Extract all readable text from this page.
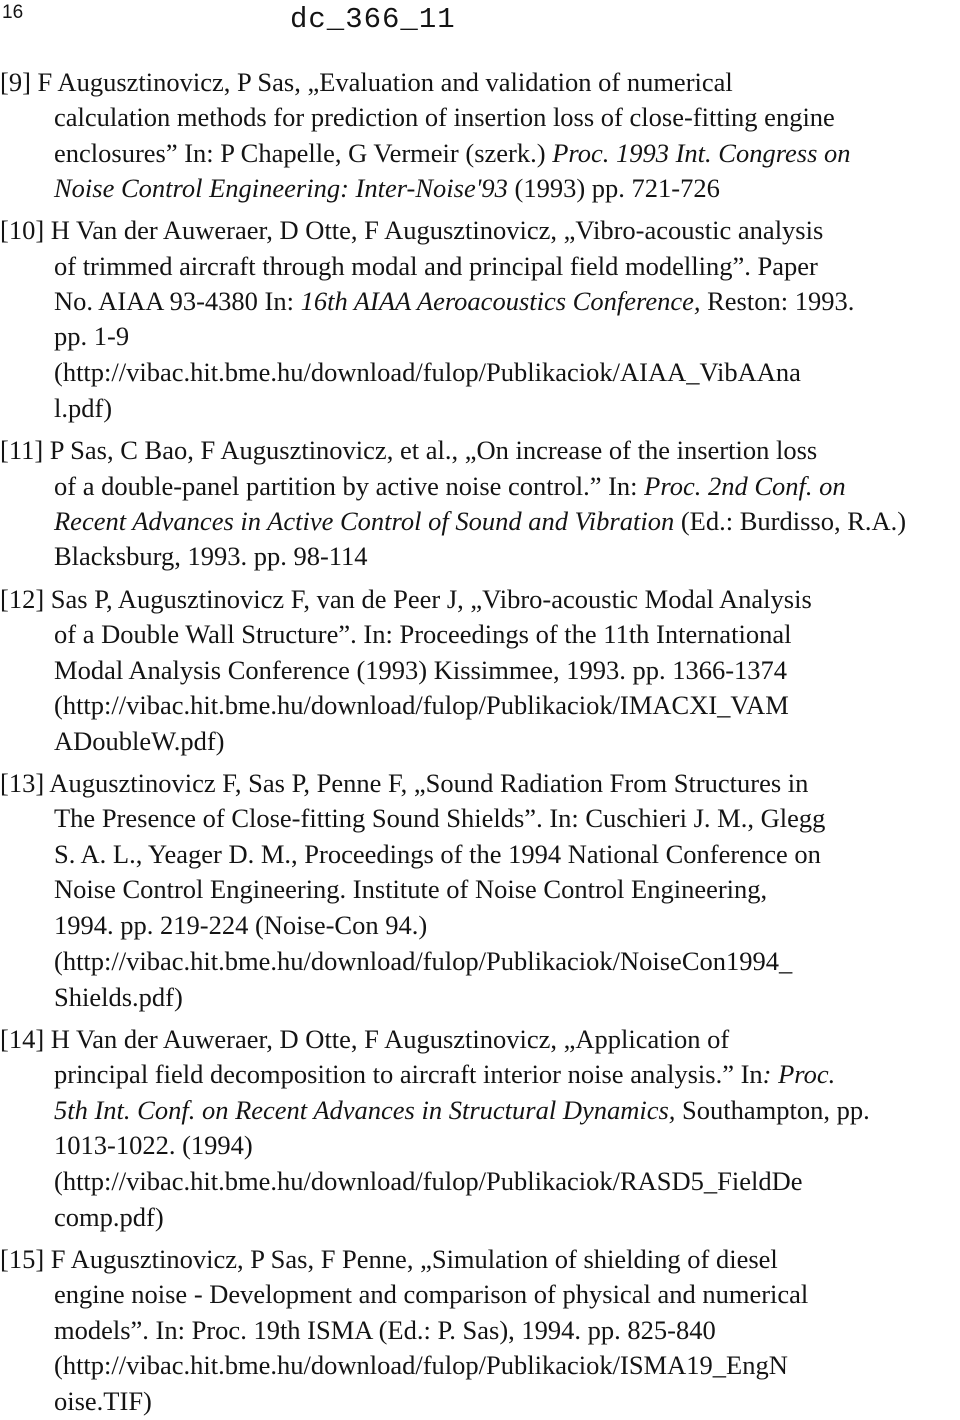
16	dc_366_11
[9] F Augusztinovicz, P Sas, „Evaluation and validation of numerical
calculation methods for prediction of insertion loss of close-fitting engine
enclosures” In: P Chapelle, G Vermeir (szerk.) Proc. 1993 Int. Congress on
Noise Control Engineering: Inter-Noise'93 (1993) pp. 721-726
[10] H Van der Auweraer, D Otte, F Augusztinovicz, „Vibro-acoustic analysis
of trimmed aircraft through modal and principal field modelling”. Paper
No. AIAA 93-4380 In: 16th AIAA Aeroacoustics Conference, Reston: 1993.
pp. 1-9
(http://vibac.hit.bme.hu/download/fulop/Publikaciok/AIAA_VibAAna
l.pdf)
[11] P Sas, C Bao, F Augusztinovicz, et al., „On increase of the insertion loss
of a double-panel partition by active noise control.” In: Proc. 2nd Conf. on
Recent Advances in Active Control of Sound and Vibration (Ed.: Burdisso, R.A.)
Blacksburg, 1993. pp. 98-114
[12] Sas P, Augusztinovicz F, van de Peer J, „Vibro-acoustic Modal Analysis
of a Double Wall Structure”. In: Proceedings of the 11th International
Modal Analysis Conference (1993) Kissimmee, 1993. pp. 1366-1374
(http://vibac.hit.bme.hu/download/fulop/Publikaciok/IMACXI_VAM
ADoubleW.pdf)
[13] Augusztinovicz F, Sas P, Penne F, „Sound Radiation From Structures in
The Presence of Close-fitting Sound Shields”. In: Cuschieri J. M., Glegg
S. A. L., Yeager D. M., Proceedings of the 1994 National Conference on
Noise Control Engineering. Institute of Noise Control Engineering,
1994. pp. 219-224 (Noise-Con 94.)
(http://vibac.hit.bme.hu/download/fulop/Publikaciok/NoiseCon1994_
Shields.pdf)
[14] H Van der Auweraer, D Otte, F Augusztinovicz, „Application of
principal field decomposition to aircraft interior noise analysis.” In: Proc.
5th Int. Conf. on Recent Advances in Structural Dynamics, Southampton, pp.
1013-1022. (1994)
(http://vibac.hit.bme.hu/download/fulop/Publikaciok/RASD5_FieldDe
comp.pdf)
[15] F Augusztinovicz, P Sas, F Penne, „Simulation of shielding of diesel
engine noise - Development and comparison of physical and numerical
models”. In: Proc. 19th ISMA (Ed.: P. Sas), 1994. pp. 825-840
(http://vibac.hit.bme.hu/download/fulop/Publikaciok/ISMA19_EngN
oise.TIF)
